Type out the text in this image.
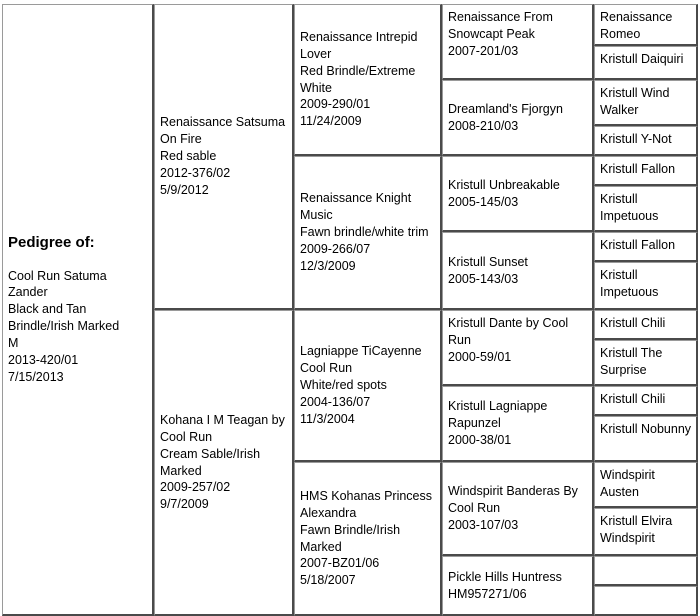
Pedigree of:
Cool Run Satuma Zander
Black and Tan Brindle/Irish Marked
M
2013-420/01
7/15/2013
Renaissance Satsuma On Fire
Red sable
2012-376/02
5/9/2012
Kohana I M Teagan by Cool Run
Cream Sable/Irish Marked
2009-257/02
9/7/2009
Renaissance Intrepid Lover
Red Brindle/Extreme White
2009-290/01
11/24/2009
Renaissance Knight Music
Fawn brindle/white trim
2009-266/07
12/3/2009
Lagniappe TiCayenne Cool Run
White/red spots
2004-136/07
11/3/2004
HMS Kohanas Princess Alexandra
Fawn Brindle/Irish Marked
2007-BZ01/06
5/18/2007
Renaissance From Snowcapt Peak
2007-201/03
Dreamland's Fjorgyn
2008-210/03
Kristull Unbreakable
2005-145/03
Kristull Sunset
2005-143/03
Kristull Dante by Cool Run
2000-59/01
Kristull Lagniappe Rapunzel
2000-38/01
Windspirit Banderas By Cool Run
2003-107/03
Pickle Hills Huntress
HM957271/06
Renaissance Romeo
Kristull Daiquiri
Kristull Wind Walker
Kristull Y-Not
Kristull Fallon
Kristull Impetuous
Kristull Fallon
Kristull Impetuous
Kristull Chili
Kristull The Surprise
Kristull Chili
Kristull Nobunny
Windspirit Austen
Kristull Elvira Windspirit
